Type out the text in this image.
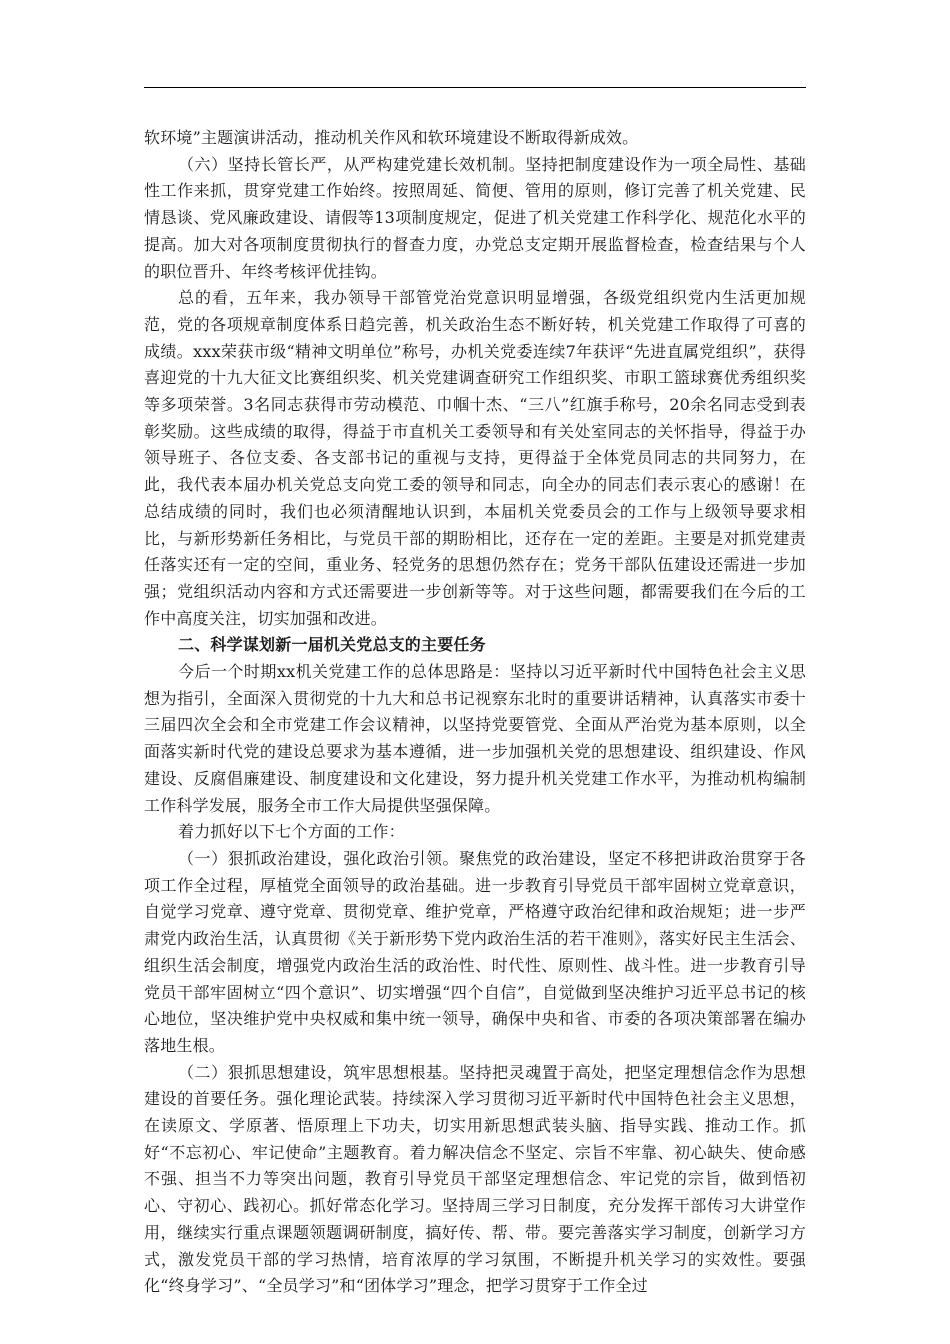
软环境”主题演讲活动，推动机关作风和软环境建设不断取得新成效。

（六）坚持长管长严，从严构建党建长效机制。坚持把制度建设作为一项全局性、基础性工作来抓，贯穿党建工作始终。按照周延、简便、管用的原则，修订完善了机关党建、民情恳谈、党风廉政建设、请假等13项制度规定，促进了机关党建工作科学化、规范化水平的提高。加大对各项制度贯彻执行的督查力度，办党总支定期开展监督检查，检查结果与个人的职位晋升、年终考核评优挂钩。

总的看，五年来，我办领导干部管党治党意识明显增强，各级党组织党内生活更加规范，党的各项规章制度体系日趋完善，机关政治生态不断好转，机关党建工作取得了可喜的成绩。xxx荣获市级“精神文明单位”称号，办机关党委连续7年获评“先进直属党组织”，获得喜迎党的十九大征文比赛组织奖、机关党建调查研究工作组织奖、市职工篮球赛优秀组织奖等多项荣誉。3名同志获得市劳动模范、巾帼十杰、“三八”红旗手称号，20余名同志受到表彰奖励。这些成绩的取得，得益于市直机关工委领导和有关处室同志的关怀指导，得益于办领导班子、各位支委、各支部书记的重视与支持，更得益于全体党员同志的共同努力，在此，我代表本届办机关党总支向党工委的领导和同志，向全办的同志们表示衷心的感谢！在总结成绩的同时，我们也必须清醒地认识到，本届机关党委员会的工作与上级领导要求相比，与新形势新任务相比，与党员干部的期盼相比，还存在一定的差距。主要是对抓党建责任落实还有一定的空间，重业务、轻党务的思想仍然存在；党务干部队伍建设还需进一步加强；党组织活动内容和方式还需要进一步创新等等。对于这些问题，都需要我们在今后的工作中高度关注，切实加强和改进。

二、科学谋划新一届机关党总支的主要任务

今后一个时期xx机关党建工作的总体思路是：坚持以习近平新时代中国特色社会主义思想为指引，全面深入贯彻党的十九大和总书记视察东北时的重要讲话精神，认真落实市委十三届四次全会和全市党建工作会议精神，以坚持党要管党、全面从严治党为基本原则，以全面落实新时代党的建设总要求为基本遵循，进一步加强机关党的思想建设、组织建设、作风建设、反腐倡廉建设、制度建设和文化建设，努力提升机关党建工作水平，为推动机构编制工作科学发展，服务全市工作大局提供坚强保障。

着力抓好以下七个方面的工作：

（一）狠抓政治建设，强化政治引领。聚焦党的政治建设，坚定不移把讲政治贯穿于各项工作全过程，厚植党全面领导的政治基础。进一步教育引导党员干部牢固树立党章意识，自觉学习党章、遵守党章、贯彻党章、维护党章，严格遵守政治纪律和政治规矩；进一步严肃党内政治生活，认真贯彻《关于新形势下党内政治生活的若干准则》，落实好民主生活会、组织生活会制度，增强党内政治生活的政治性、时代性、原则性、战斗性。进一步教育引导党员干部牢固树立“四个意识”、切实增强“四个自信”，自觉做到坚决维护习近平总书记的核心地位，坚决维护党中央权威和集中统一领导，确保中央和省、市委的各项决策部署在编办落地生根。

（二）狠抓思想建设，筑牢思想根基。坚持把灵魂置于高处，把坚定理想信念作为思想建设的首要任务。强化理论武装。持续深入学习贯彻习近平新时代中国特色社会主义思想，在读原文、学原著、悟原理上下功夫，切实用新思想武装头脑、指导实践、推动工作。抓好“不忘初心、牢记使命”主题教育。着力解决信念不坚定、宗旨不牢靠、初心缺失、使命感不强、担当不力等突出问题，教育引导党员干部坚定理想信念、牢记党的宗旨，做到悟初心、守初心、践初心。抓好常态化学习。坚持周三学习日制度，充分发挥干部传习大讲堂作用，继续实行重点课题领题调研制度，搞好传、帮、带。要完善落实学习制度，创新学习方式，激发党员干部的学习热情，培育浓厚的学习氛围，不断提升机关学习的实效性。要强化“终身学习”、“全员学习”和“团体学习”理念，把学习贯穿于工作全过
